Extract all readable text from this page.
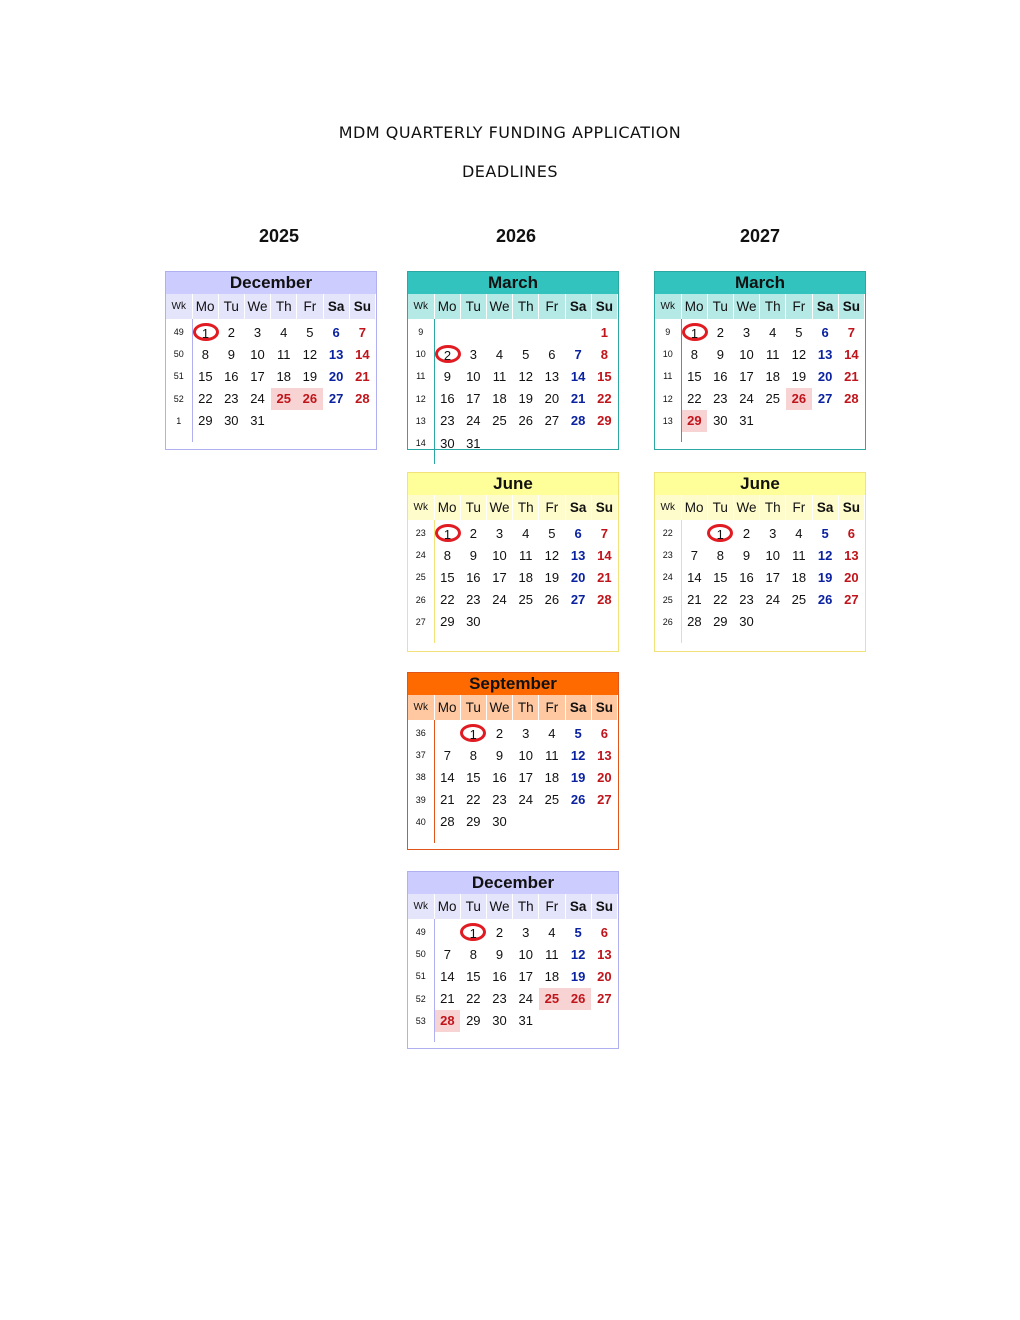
MDM QUARTERLY FUNDING APPLICATION
DEADLINES
2025	2026	2027
December
Wk	Mo	Tu	We	Th	Fr	Sa	Su
49	1	2	3	4	5	6	7
50	8	9	10	11	12	13	14
51	15	16	17	18	19	20	21
52	22	23	24	25	26	27	28
1	29	30	31				

March
Wk	Mo	Tu	We	Th	Fr	Sa	Su
9							1
10	2	3	4	5	6	7	8
11	9	10	11	12	13	14	15
12	16	17	18	19	20	21	22
13	23	24	25	26	27	28	29
14	30	31					

June
Wk	Mo	Tu	We	Th	Fr	Sa	Su
23	1	2	3	4	5	6	7
24	8	9	10	11	12	13	14
25	15	16	17	18	19	20	21
26	22	23	24	25	26	27	28
27	29	30					

September
Wk	Mo	Tu	We	Th	Fr	Sa	Su
36		1	2	3	4	5	6
37	7	8	9	10	11	12	13
38	14	15	16	17	18	19	20
39	21	22	23	24	25	26	27
40	28	29	30				

December
Wk	Mo	Tu	We	Th	Fr	Sa	Su
49		1	2	3	4	5	6
50	7	8	9	10	11	12	13
51	14	15	16	17	18	19	20
52	21	22	23	24	25	26	27
53	28	29	30	31			

March
Wk	Mo	Tu	We	Th	Fr	Sa	Su
9	1	2	3	4	5	6	7
10	8	9	10	11	12	13	14
11	15	16	17	18	19	20	21
12	22	23	24	25	26	27	28
13	29	30	31				

June
Wk	Mo	Tu	We	Th	Fr	Sa	Su
22		1	2	3	4	5	6
23	7	8	9	10	11	12	13
24	14	15	16	17	18	19	20
25	21	22	23	24	25	26	27
26	28	29	30				
